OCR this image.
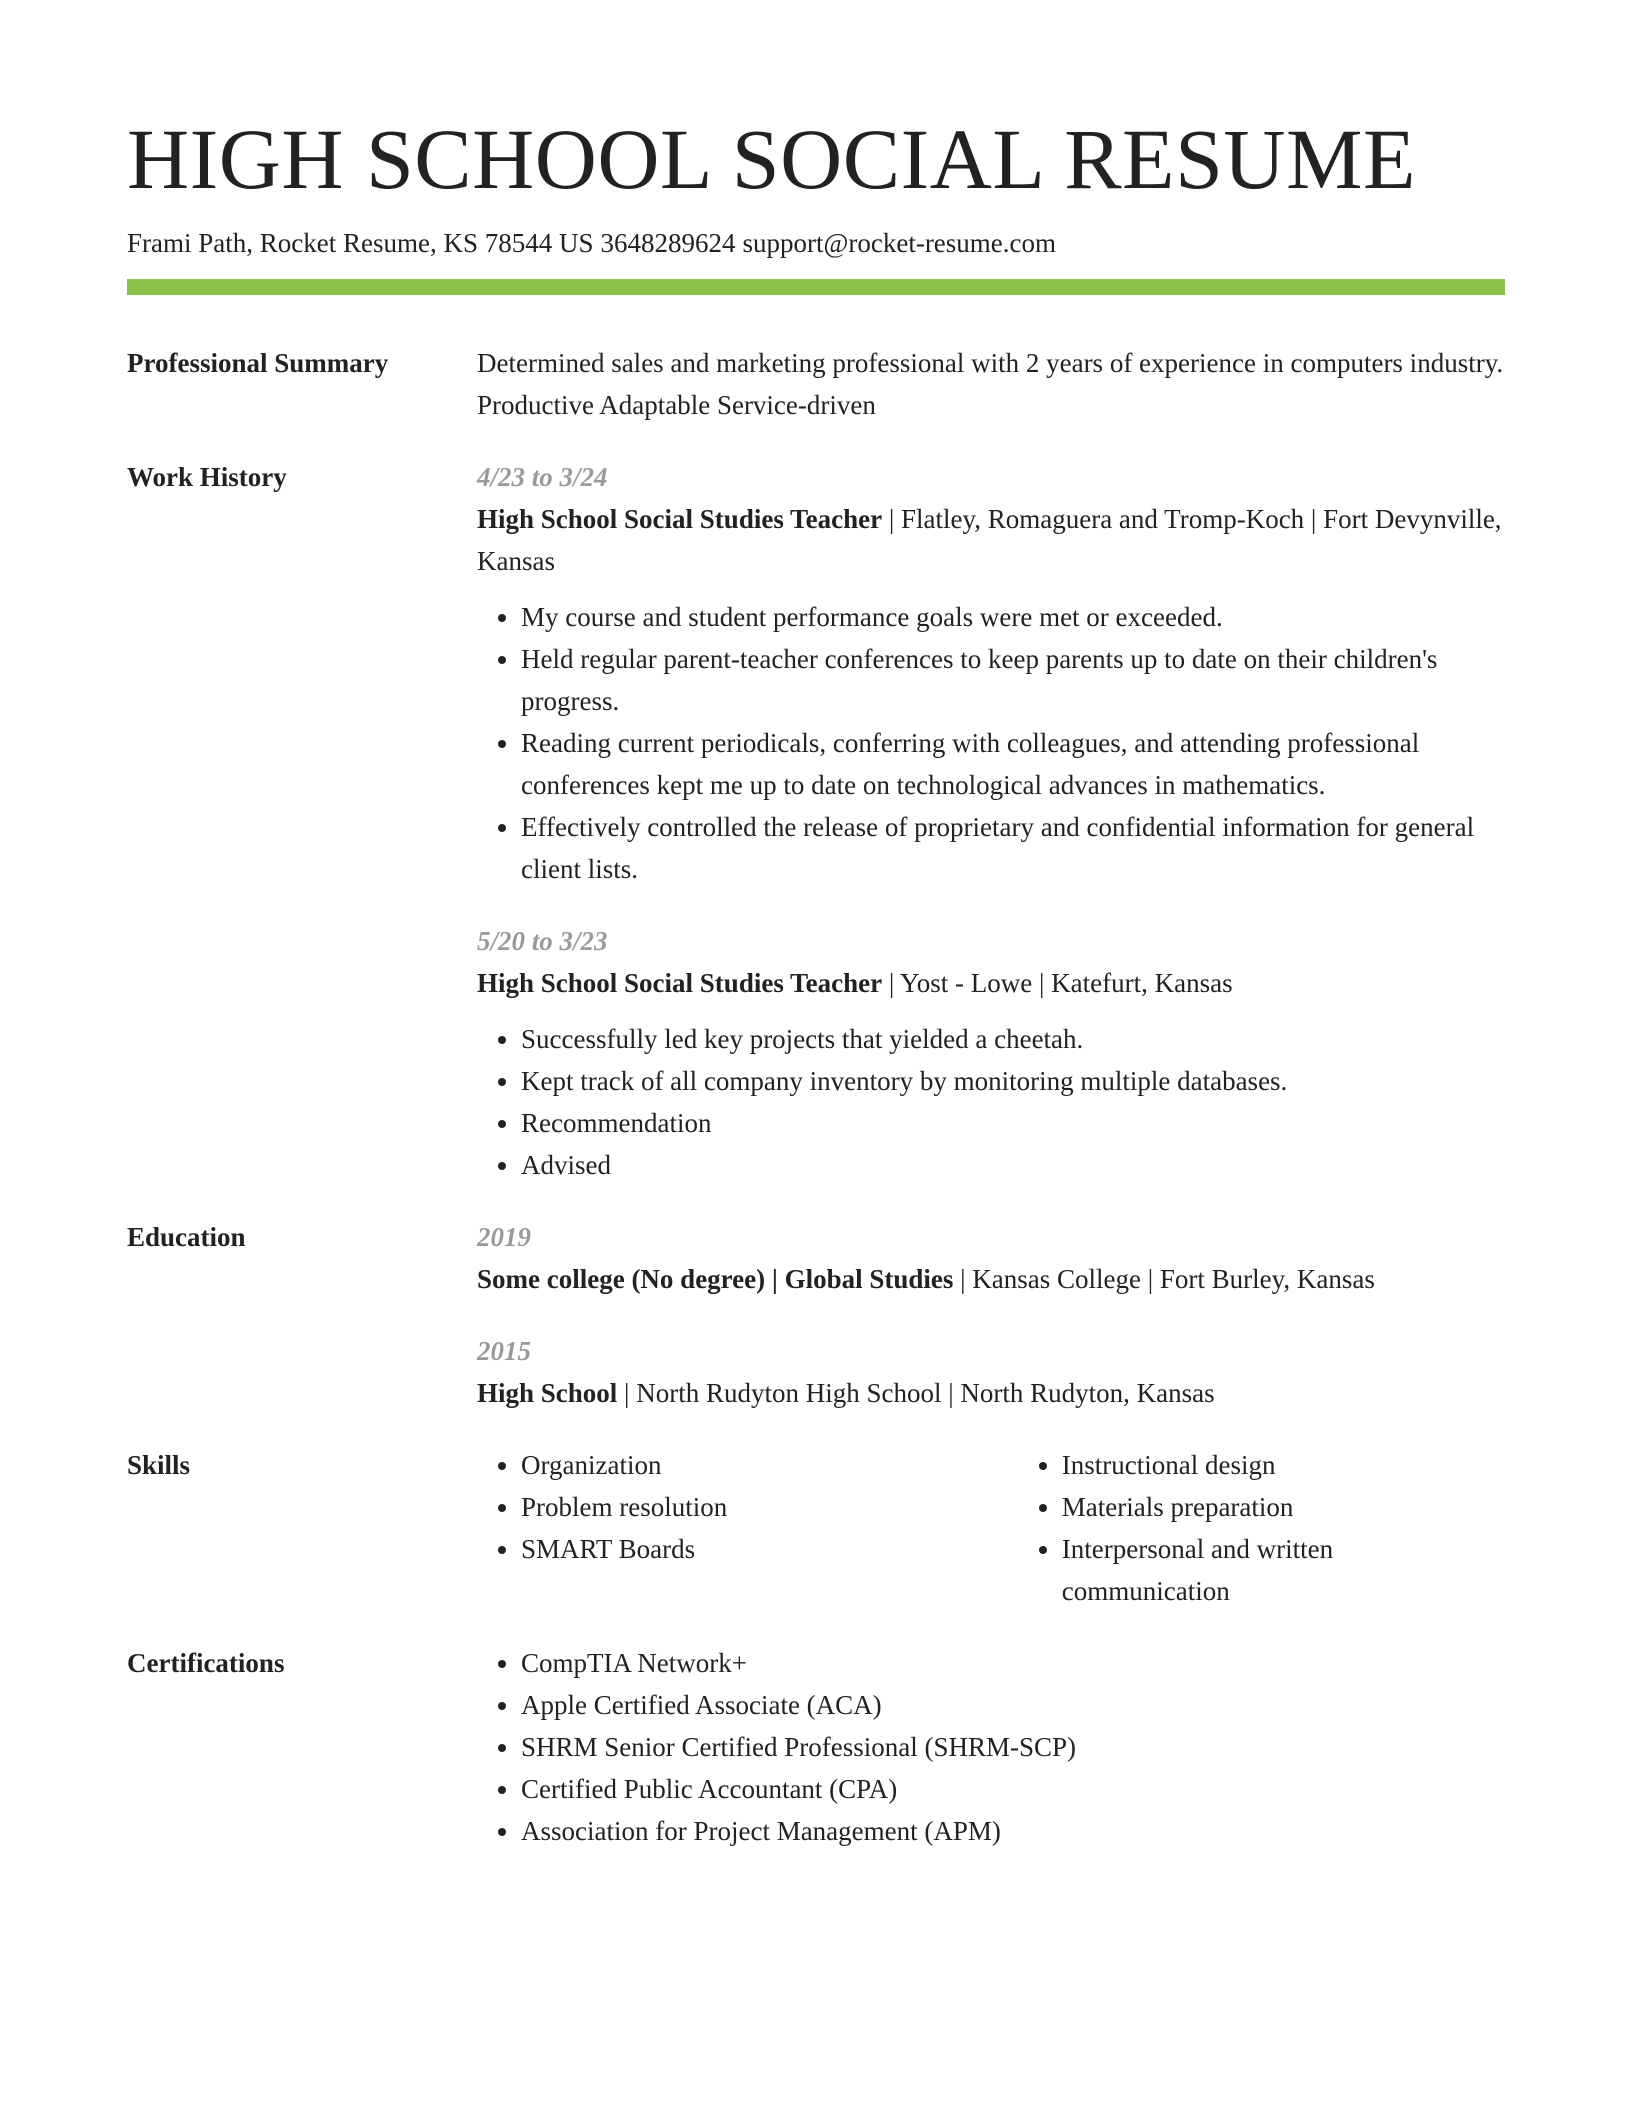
HIGH SCHOOL SOCIAL RESUME
Frami Path, Rocket Resume, KS 78544 US 3648289624 support@rocket-resume.com
Professional Summary	Determined sales and marketing professional with 2 years of experience in computers industry. Productive Adaptable Service-driven
Work History	4/23 to 3/24
High School Social Studies Teacher | Flatley, Romaguera and Tromp-Koch | Fort Devynville, Kansas
• My course and student performance goals were met or exceeded.
• Held regular parent-teacher conferences to keep parents up to date on their children's progress.
• Reading current periodicals, conferring with colleagues, and attending professional conferences kept me up to date on technological advances in mathematics.
• Effectively controlled the release of proprietary and confidential information for general client lists.
5/20 to 3/23
High School Social Studies Teacher | Yost - Lowe | Katefurt, Kansas
• Successfully led key projects that yielded a cheetah.
• Kept track of all company inventory by monitoring multiple databases.
• Recommendation
• Advised
Education	2019
Some college (No degree) | Global Studies | Kansas College | Fort Burley, Kansas
2015
High School | North Rudyton High School | North Rudyton, Kansas
Skills	• Organization
• Problem resolution
• SMART Boards
• Instructional design
• Materials preparation
• Interpersonal and written communication
Certifications	• CompTIA Network+
• Apple Certified Associate (ACA)
• SHRM Senior Certified Professional (SHRM-SCP)
• Certified Public Accountant (CPA)
• Association for Project Management (APM)
